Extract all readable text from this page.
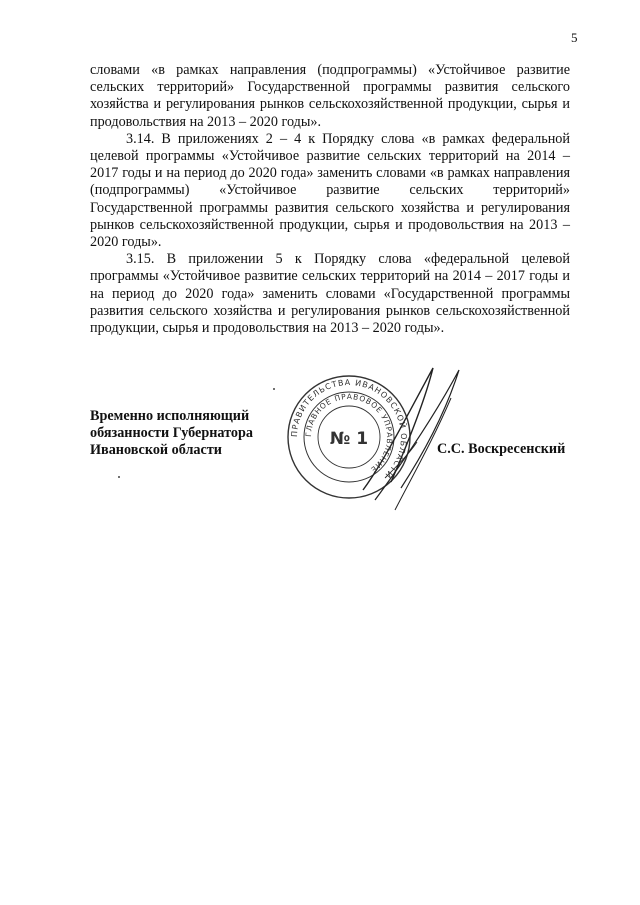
5

словами «в рамках направления (подпрограммы) «Устойчивое развитие сельских территорий» Государственной программы развития сельского хозяйства и регулирования рынков сельскохозяйственной продукции, сырья и продовольствия на 2013 – 2020 годы».

3.14. В приложениях 2 – 4 к Порядку слова «в рамках федеральной целевой программы «Устойчивое развитие сельских территорий на 2014 – 2017 годы и на период до 2020 года» заменить словами «в рамках направления (подпрограммы) «Устойчивое развитие сельских территорий» Государственной программы развития сельского хозяйства и регулирования рынков сельскохозяйственной продукции, сырья и продовольствия на 2013 – 2020 годы».

3.15. В приложении 5 к Порядку слова «федеральной целевой программы «Устойчивое развитие сельских территорий на 2014 – 2017 годы и на период до 2020 года» заменить словами «Государственной программы развития сельского хозяйства и регулирования рынков сельскохозяйственной продукции, сырья и продовольствия на 2013 – 2020 годы».

Временно исполняющий
обязанности Губернатора
Ивановской области	С.С. Воскресенский
ПРАВИТЕЛЬСТВА ИВАНОВСКОЙ ОБЛАСТИ
ГЛАВНОЕ ПРАВОВОЕ УПРАВЛЕНИЕ
№ 1
